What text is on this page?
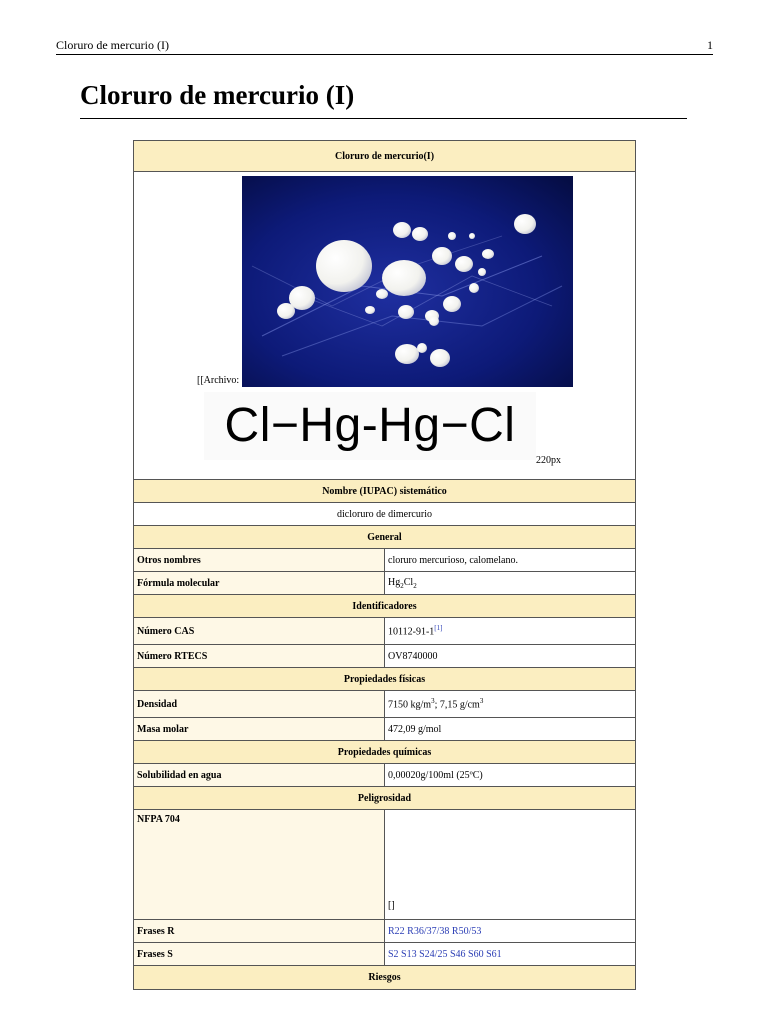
Cloruro de mercurio (I)	1
Cloruro de mercurio (I)
Cloruro de mercurio(I)	

[[Archivo:
Cl−Hg-Hg−Cl
220px	

Nombre (IUPAC) sistemático	
dicloruro de dimercurio	
General	
Otros nombres	cloruro mercurioso, calomelano.
Fórmula molecular	$Hg_2Cl_2$
Identificadores	
Número CAS	10112-91-1[1]
Número RTECS	OV8740000
Propiedades físicas	
Densidad	7150 $kg/m^3$; 7,15 $g/cm^3$
Masa molar	472,09 g/mol
Propiedades químicas	
Solubilidad en agua	0,00020g/100ml (25ºC)
Peligrosidad	
NFPA 704	[]
Frases R	R22 R36/37/38 R50/53
Frases S	S2 S13 S24/25 S46 S60 S61
Riesgos	
